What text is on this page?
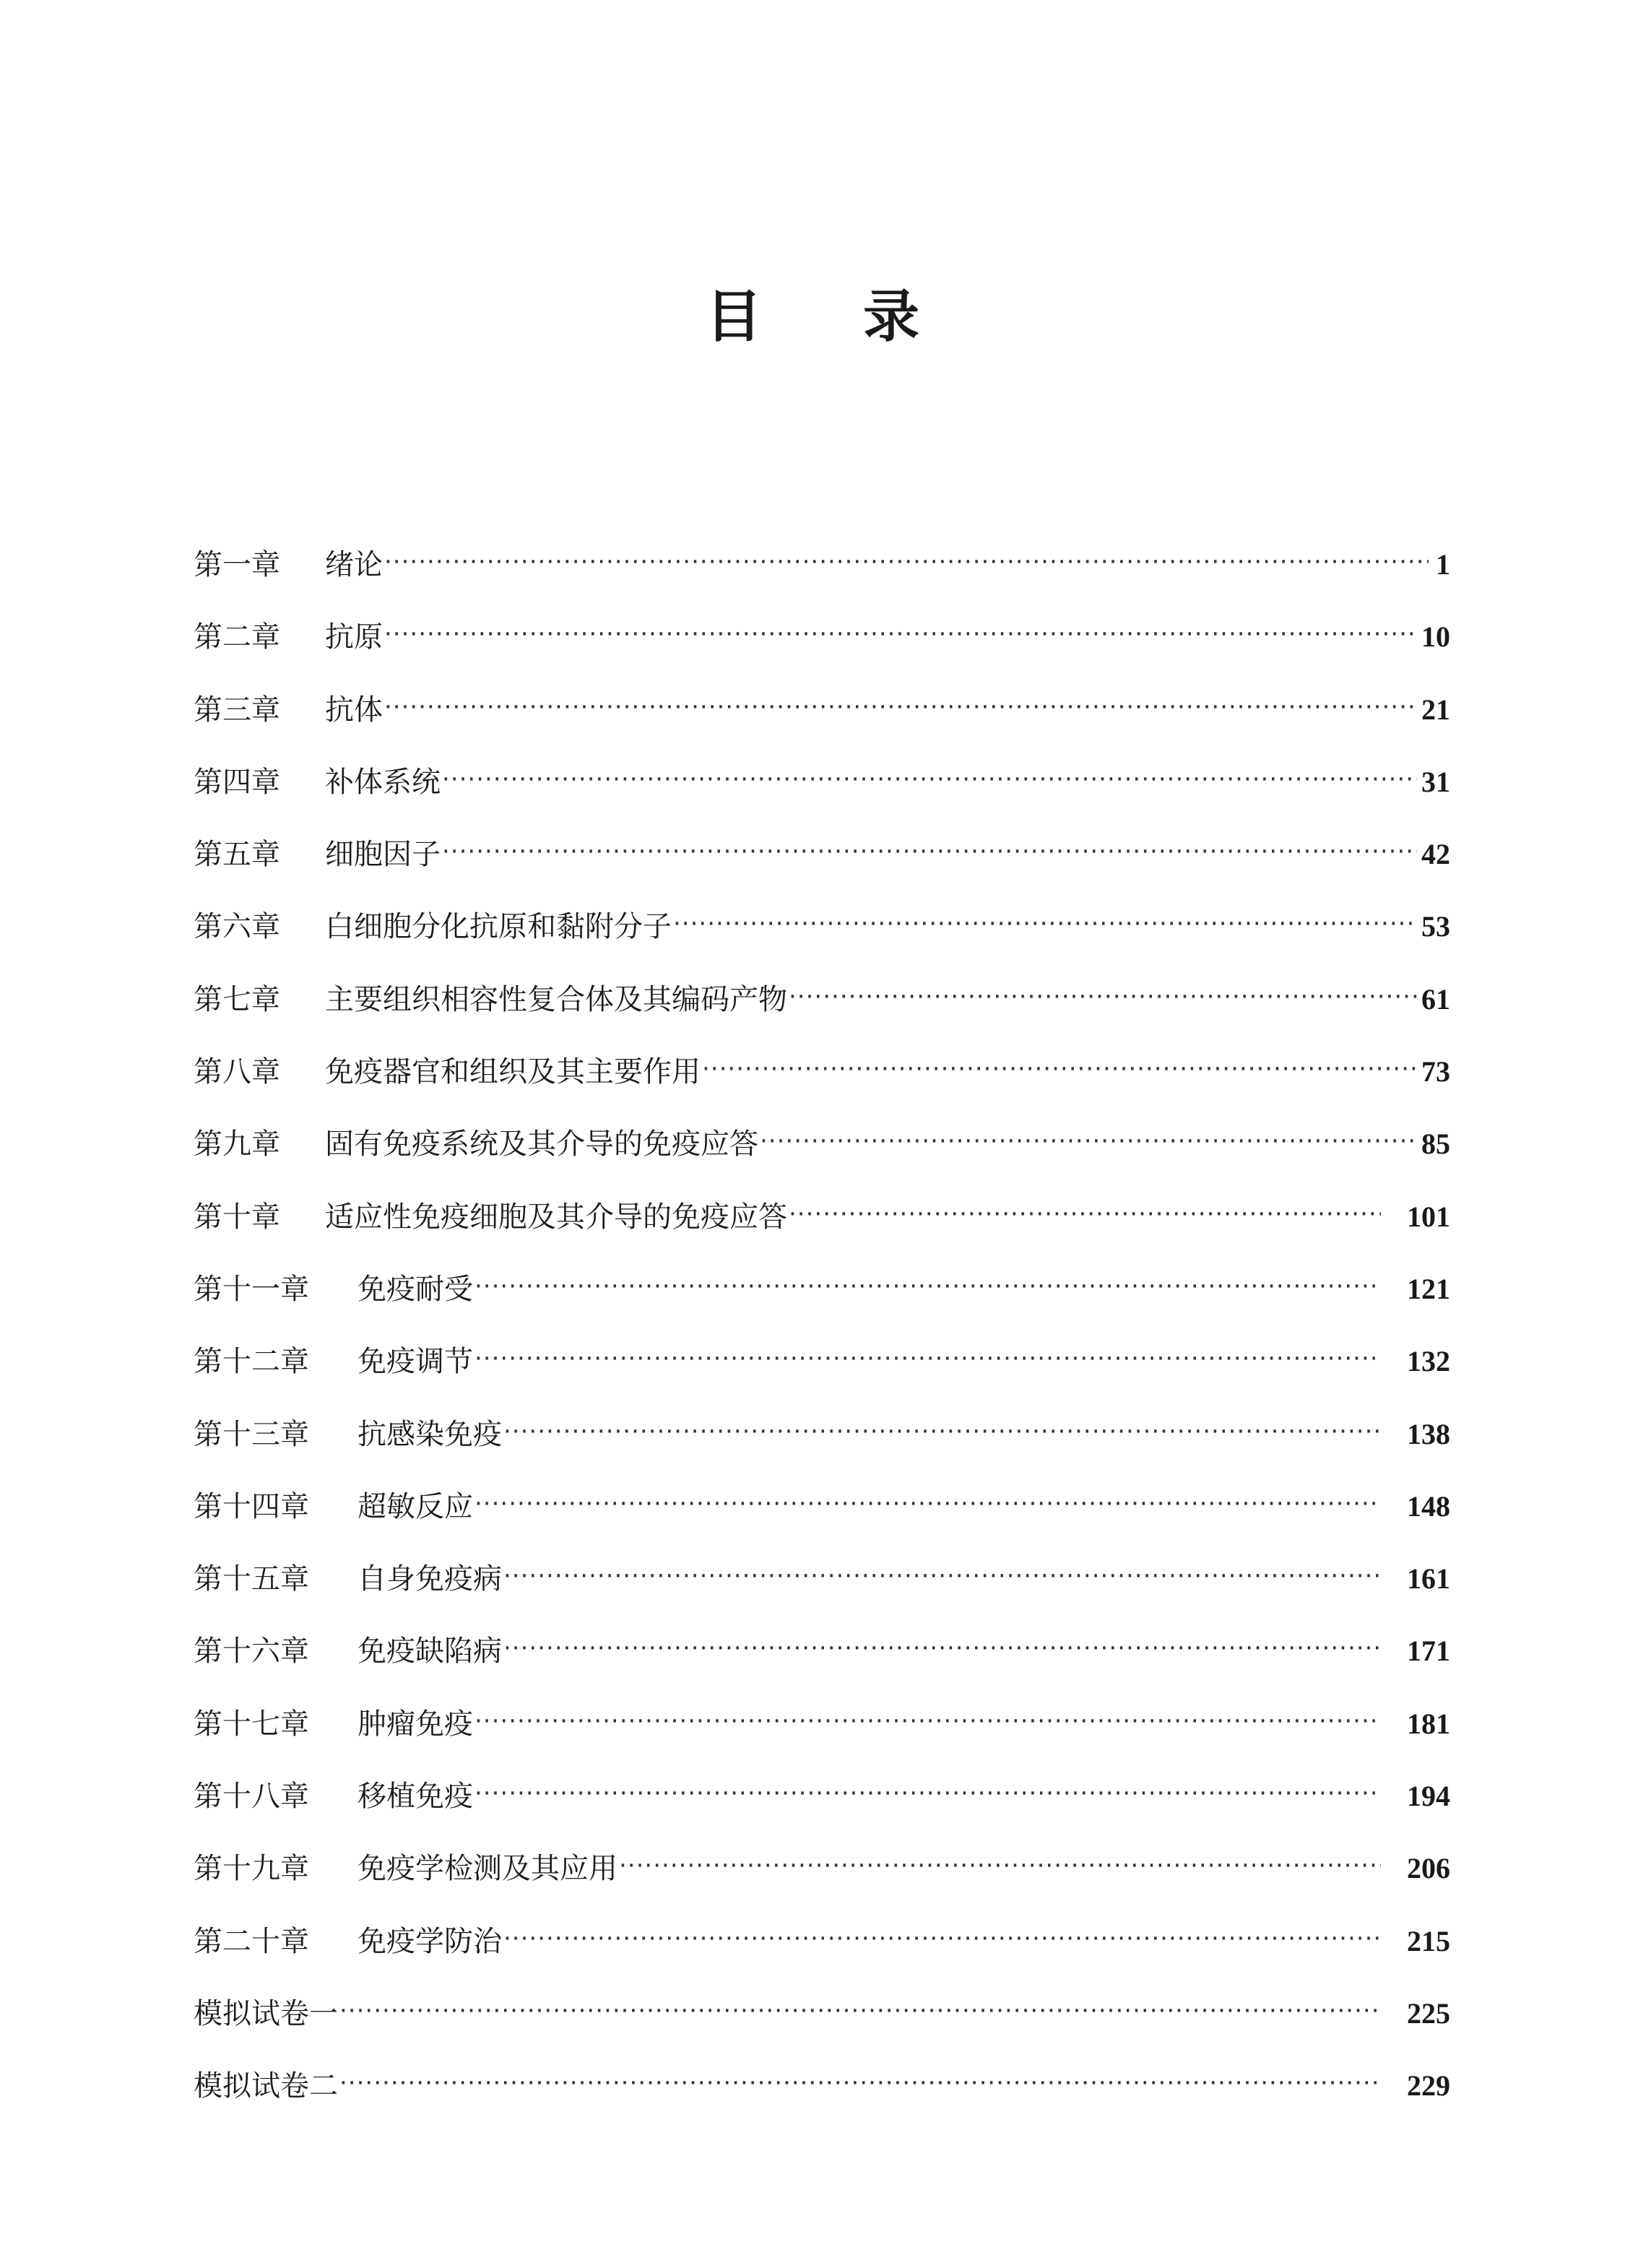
目 录
第一章	绪论 ·····	1
第二章	抗原 ·····	10
第三章	抗体 ·····	21
第四章	补体系统 ·····	31
第五章	细胞因子 ·····	42
第六章	白细胞分化抗原和黏附分子 ·····	53
第七章	主要组织相容性复合体及其编码产物 ·····	61
第八章	免疫器官和组织及其主要作用 ·····	73
第九章	固有免疫系统及其介导的免疫应答 ·····	85
第十章	适应性免疫细胞及其介导的免疫应答 ·····	101
第十一章	免疫耐受 ·····	121
第十二章	免疫调节 ·····	132
第十三章	抗感染免疫 ·····	138
第十四章	超敏反应 ·····	148
第十五章	自身免疫病 ·····	161
第十六章	免疫缺陷病 ·····	171
第十七章	肿瘤免疫 ·····	181
第十八章	移植免疫 ·····	194
第十九章	免疫学检测及其应用 ·····	206
第二十章	免疫学防治 ·····	215
模拟试卷一 ·····	225
模拟试卷二 ·····	229
